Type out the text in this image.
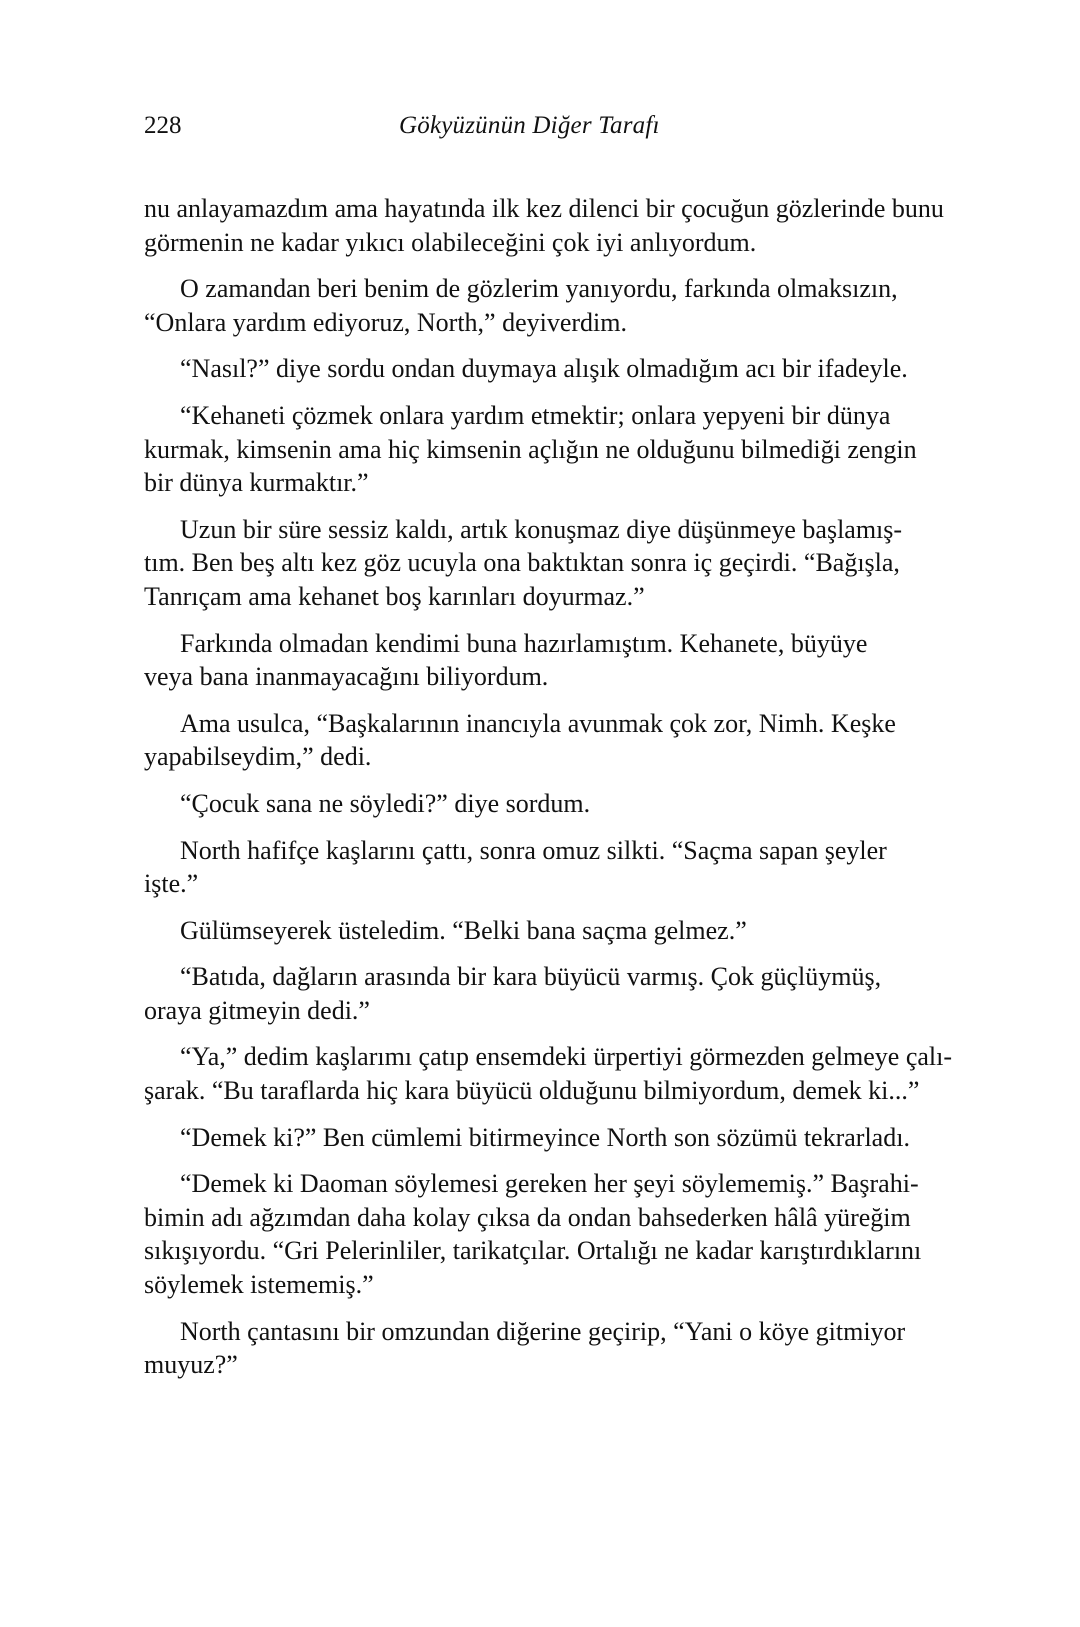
228	Gökyüzünün Diğer Tarafı

nu anlayamazdım ama hayatında ilk kez dilenci bir çocuğun gözlerinde bunu
görmenin ne kadar yıkıcı olabileceğini çok iyi anlıyordum.

O zamandan beri benim de gözlerim yanıyordu, farkında olmaksızın,
“Onlara yardım ediyoruz, North,” deyiverdim.

“Nasıl?” diye sordu ondan duymaya alışık olmadığım acı bir ifadeyle.

“Kehaneti çözmek onlara yardım etmektir; onlara yepyeni bir dünya
kurmak, kimsenin ama hiç kimsenin açlığın ne olduğunu bilmediği zengin
bir dünya kurmaktır.”

Uzun bir süre sessiz kaldı, artık konuşmaz diye düşünmeye başlamış-
tım. Ben beş altı kez göz ucuyla ona baktıktan sonra iç geçirdi. “Bağışla,
Tanrıçam ama kehanet boş karınları doyurmaz.”

Farkında olmadan kendimi buna hazırlamıştım. Kehanete, büyüye
veya bana inanmayacağını biliyordum.

Ama usulca, “Başkalarının inancıyla avunmak çok zor, Nimh. Keşke
yapabilseydim,” dedi.

“Çocuk sana ne söyledi?” diye sordum.

North hafifçe kaşlarını çattı, sonra omuz silkti. “Saçma sapan şeyler
işte.”

Gülümseyerek üsteledim. “Belki bana saçma gelmez.”

“Batıda, dağların arasında bir kara büyücü varmış. Çok güçlüymüş,
oraya gitmeyin dedi.”

“Ya,” dedim kaşlarımı çatıp ensemdeki ürpertiyi görmezden gelmeye çalı-
şarak. “Bu taraflarda hiç kara büyücü olduğunu bilmiyordum, demek ki...”

“Demek ki?” Ben cümlemi bitirmeyince North son sözümü tekrarladı.

“Demek ki Daoman söylemesi gereken her şeyi söylememiş.” Başrahi-
bimin adı ağzımdan daha kolay çıksa da ondan bahsederken hâlâ yüreğim
sıkışıyordu. “Gri Pelerinliler, tarikatçılar. Ortalığı ne kadar karıştırdıklarını
söylemek istememiş.”

North çantasını bir omzundan diğerine geçirip, “Yani o köye gitmiyor
muyuz?”
